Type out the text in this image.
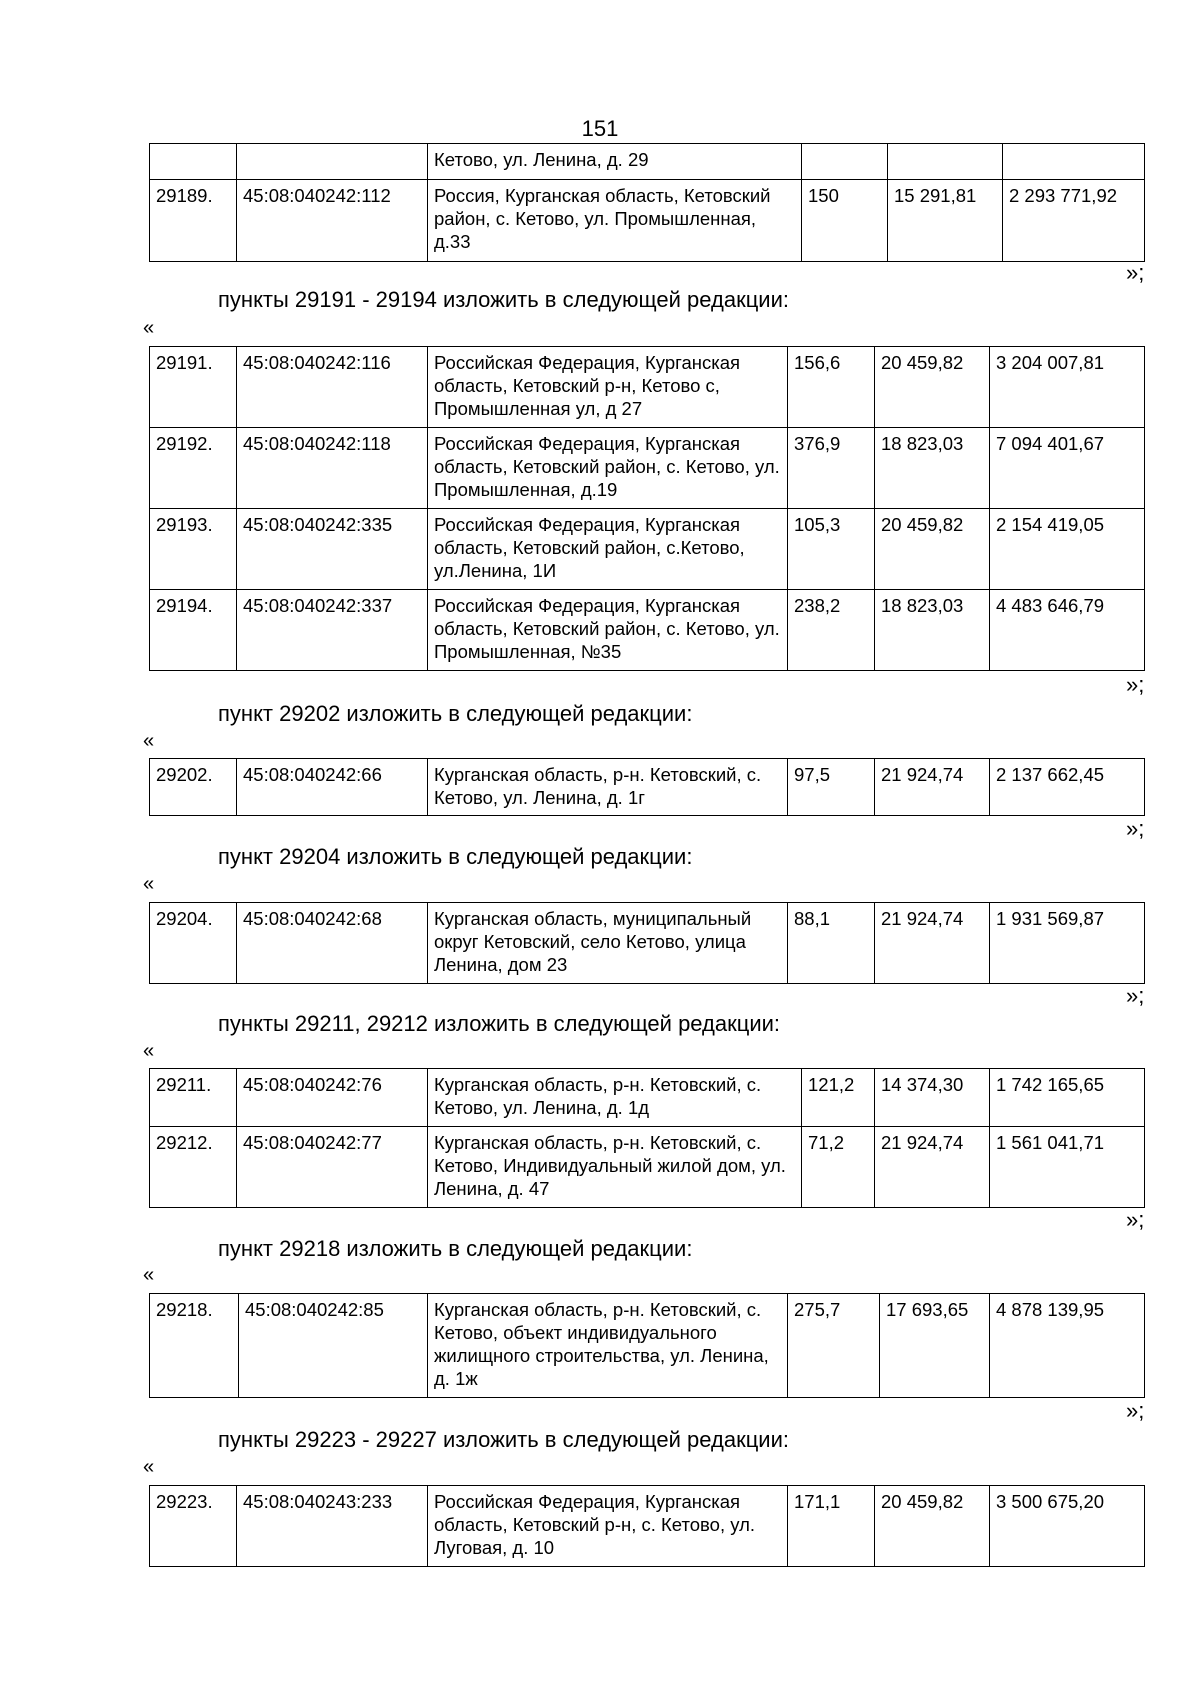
151
		Кетово, ул. Ленина, д. 29			
29189.	45:08:040242:112	Россия, Курганская область, Кетовский район, с. Кетово, ул. Промышленная, д.33	150	15 291,81	2 293 771,92
»;
пункты 29191 - 29194 изложить в следующей редакции:
«
29191.	45:08:040242:116	Российская Федерация, Курганская область, Кетовский р-н, Кетово с, Промышленная ул, д 27	156,6	20 459,82	3 204 007,81
29192.	45:08:040242:118	Российская Федерация, Курганская область, Кетовский район, с. Кетово, ул. Промышленная, д.19	376,9	18 823,03	7 094 401,67
29193.	45:08:040242:335	Российская Федерация, Курганская область, Кетовский район, с.Кетово, ул.Ленина, 1И	105,3	20 459,82	2 154 419,05
29194.	45:08:040242:337	Российская Федерация, Курганская область, Кетовский район, с. Кетово, ул. Промышленная, №35	238,2	18 823,03	4 483 646,79
»;
пункт 29202 изложить в следующей редакции:
«
29202.	45:08:040242:66	Курганская область, р-н. Кетовский, с. Кетово, ул. Ленина, д. 1г	97,5	21 924,74	2 137 662,45
»;
пункт 29204 изложить в следующей редакции:
«
29204.	45:08:040242:68	Курганская область, муниципальный округ Кетовский, село Кетово, улица Ленина, дом 23	88,1	21 924,74	1 931 569,87
»;
пункты 29211, 29212 изложить в следующей редакции:
«
29211.	45:08:040242:76	Курганская область, р-н. Кетовский, с. Кетово, ул. Ленина, д. 1д	121,2	14 374,30	1 742 165,65
29212.	45:08:040242:77	Курганская область, р-н. Кетовский, с. Кетово, Индивидуальный жилой дом, ул. Ленина, д. 47	71,2	21 924,74	1 561 041,71
»;
пункт 29218 изложить в следующей редакции:
«
29218.	45:08:040242:85	Курганская область, р-н. Кетовский, с. Кетово, объект индивидуального жилищного строительства, ул. Ленина, д. 1ж	275,7	17 693,65	4 878 139,95
»;
пункты 29223 - 29227 изложить в следующей редакции:
«
29223.	45:08:040243:233	Российская Федерация, Курганская область, Кетовский р-н, с. Кетово, ул. Луговая, д. 10	171,1	20 459,82	3 500 675,20
